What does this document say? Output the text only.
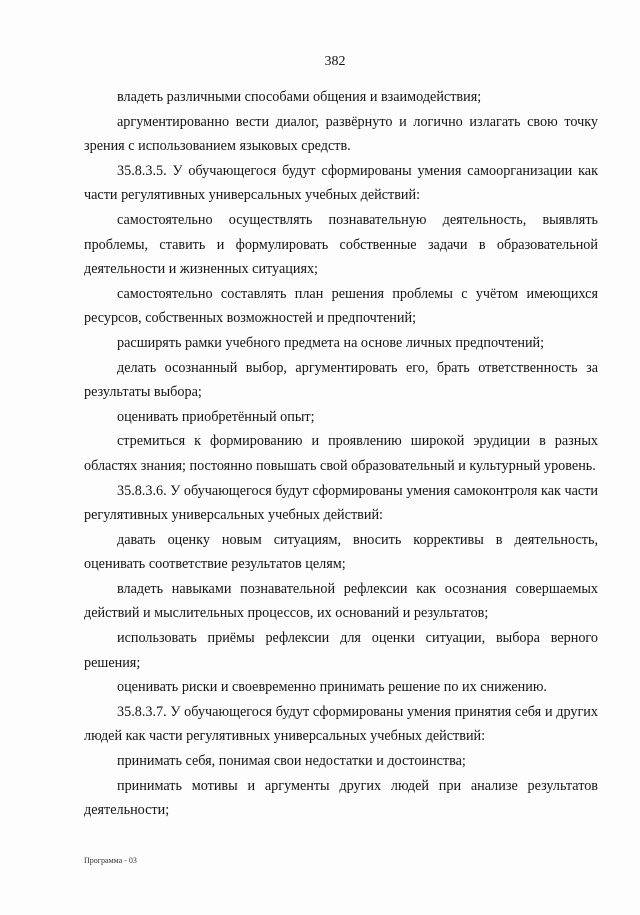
382

владеть различными способами общения и взаимодействия;

аргументированно вести диалог, развёрнуто и логично излагать свою точку зрения с использованием языковых средств.

35.8.3.5. У обучающегося будут сформированы умения самоорганизации как части регулятивных универсальных учебных действий:

самостоятельно осуществлять познавательную деятельность, выявлять проблемы, ставить и формулировать собственные задачи в образовательной деятельности и жизненных ситуациях;

самостоятельно составлять план решения проблемы с учётом имеющихся ресурсов, собственных возможностей и предпочтений;

расширять рамки учебного предмета на основе личных предпочтений;

делать осознанный выбор, аргументировать его, брать ответственность за результаты выбора;

оценивать приобретённый опыт;

стремиться к формированию и проявлению широкой эрудиции в разных областях знания; постоянно повышать свой образовательный и культурный уровень.

35.8.3.6. У обучающегося будут сформированы умения самоконтроля как части регулятивных универсальных учебных действий:

давать оценку новым ситуациям, вносить коррективы в деятельность, оценивать соответствие результатов целям;

владеть навыками познавательной рефлексии как осознания совершаемых действий и мыслительных процессов, их оснований и результатов;

использовать приёмы рефлексии для оценки ситуации, выбора верного решения;

оценивать риски и своевременно принимать решение по их снижению.

35.8.3.7. У обучающегося будут сформированы умения принятия себя и других людей как части регулятивных универсальных учебных действий:

принимать себя, понимая свои недостатки и достоинства;

принимать мотивы и аргументы других людей при анализе результатов деятельности;

Программа - 03
